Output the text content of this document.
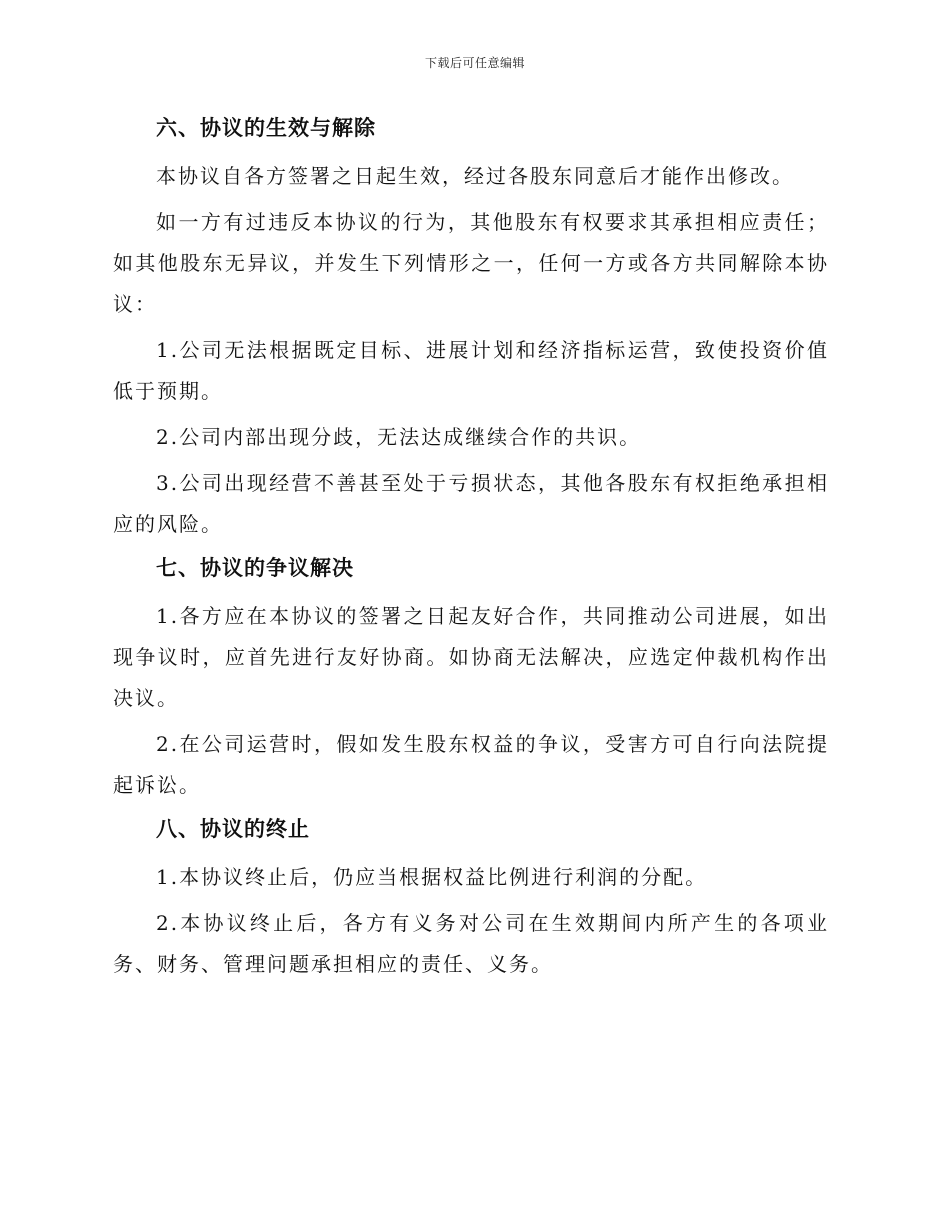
下载后可任意编辑
六、协议的生效与解除

本协议自各方签署之日起生效，经过各股东同意后才能作出修改。

如一方有过违反本协议的行为，其他股东有权要求其承担相应责任；如其他股东无异议，并发生下列情形之一，任何一方或各方共同解除本协议：

1.公司无法根据既定目标、进展计划和经济指标运营，致使投资价值低于预期。

2.公司内部出现分歧，无法达成继续合作的共识。

3.公司出现经营不善甚至处于亏损状态，其他各股东有权拒绝承担相应的风险。

七、协议的争议解决

1.各方应在本协议的签署之日起友好合作，共同推动公司进展，如出现争议时，应首先进行友好协商。如协商无法解决，应选定仲裁机构作出决议。

2.在公司运营时，假如发生股东权益的争议，受害方可自行向法院提起诉讼。

八、协议的终止

1.本协议终止后，仍应当根据权益比例进行利润的分配。

2.本协议终止后，各方有义务对公司在生效期间内所产生的各项业务、财务、管理问题承担相应的责任、义务。
